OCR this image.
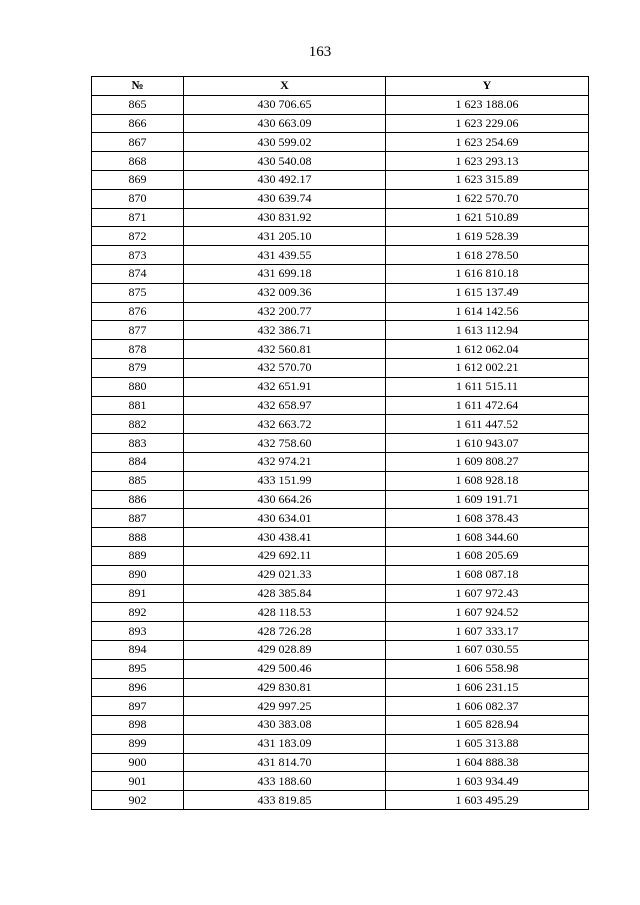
163
№	X	Y
865	430 706.65	1 623 188.06
866	430 663.09	1 623 229.06
867	430 599.02	1 623 254.69
868	430 540.08	1 623 293.13
869	430 492.17	1 623 315.89
870	430 639.74	1 622 570.70
871	430 831.92	1 621 510.89
872	431 205.10	1 619 528.39
873	431 439.55	1 618 278.50
874	431 699.18	1 616 810.18
875	432 009.36	1 615 137.49
876	432 200.77	1 614 142.56
877	432 386.71	1 613 112.94
878	432 560.81	1 612 062.04
879	432 570.70	1 612 002.21
880	432 651.91	1 611 515.11
881	432 658.97	1 611 472.64
882	432 663.72	1 611 447.52
883	432 758.60	1 610 943.07
884	432 974.21	1 609 808.27
885	433 151.99	1 608 928.18
886	430 664.26	1 609 191.71
887	430 634.01	1 608 378.43
888	430 438.41	1 608 344.60
889	429 692.11	1 608 205.69
890	429 021.33	1 608 087.18
891	428 385.84	1 607 972.43
892	428 118.53	1 607 924.52
893	428 726.28	1 607 333.17
894	429 028.89	1 607 030.55
895	429 500.46	1 606 558.98
896	429 830.81	1 606 231.15
897	429 997.25	1 606 082.37
898	430 383.08	1 605 828.94
899	431 183.09	1 605 313.88
900	431 814.70	1 604 888.38
901	433 188.60	1 603 934.49
902	433 819.85	1 603 495.29
